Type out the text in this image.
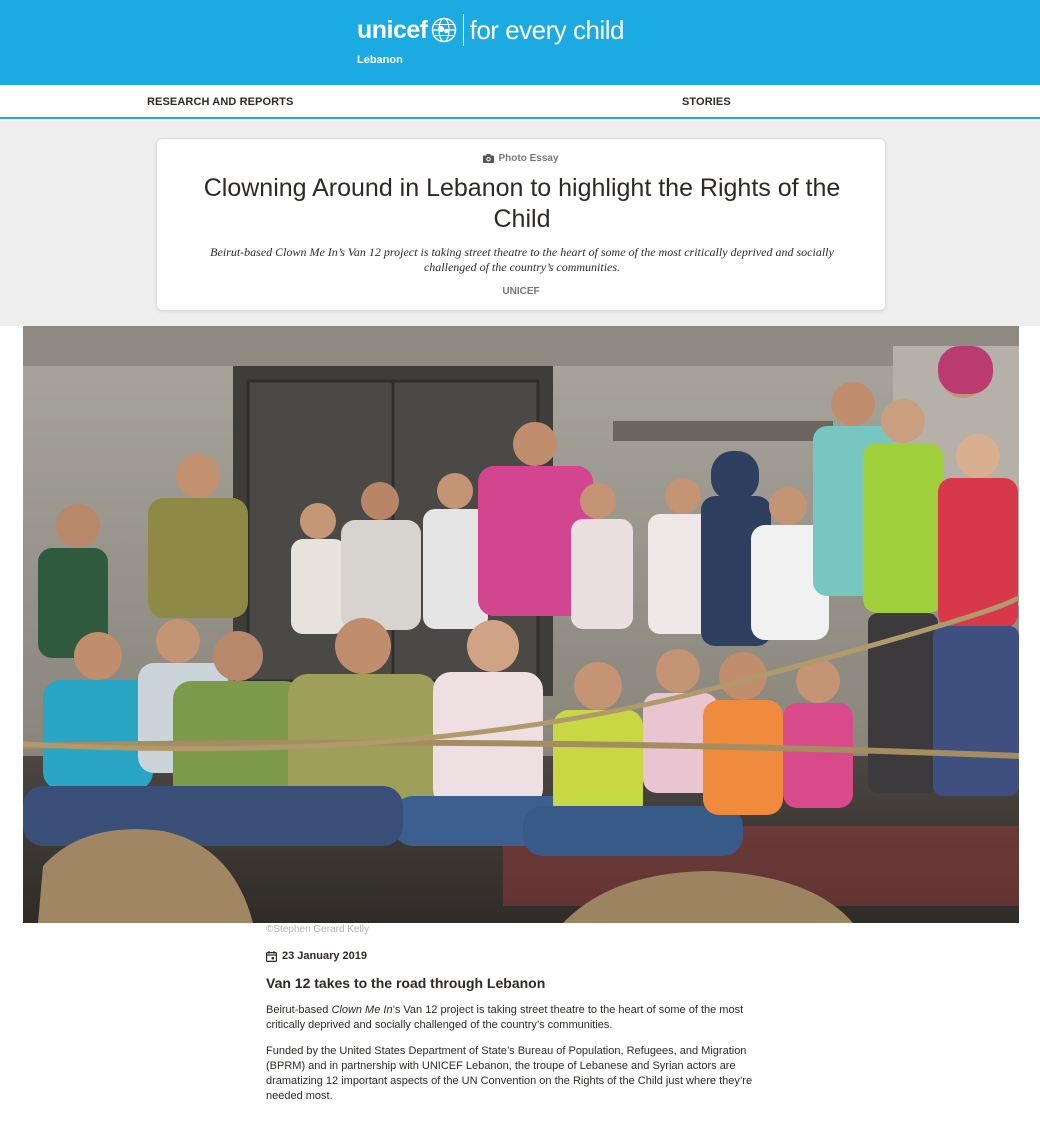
unicef for every child
Lebanon
RESEARCH AND REPORTS	STORIES
Photo Essay
Clowning Around in Lebanon to highlight the Rights of the Child

Beirut-based Clown Me In’s Van 12 project is taking street theatre to the heart of some of the most critically deprived and socially challenged of the country’s communities.

UNICEF
©Stephen Gerard Kelly
23 January 2019
Van 12 takes to the road through Lebanon

Beirut-based Clown Me In’s Van 12 project is taking street theatre to the heart of some of the most critically deprived and socially challenged of the country’s communities.

Funded by the United States Department of State’s Bureau of Population, Refugees, and Migration (BPRM) and in partnership with UNICEF Lebanon, the troupe of Lebanese and Syrian actors are dramatizing 12 important aspects of the UN Convention on the Rights of the Child just where they’re needed most.
